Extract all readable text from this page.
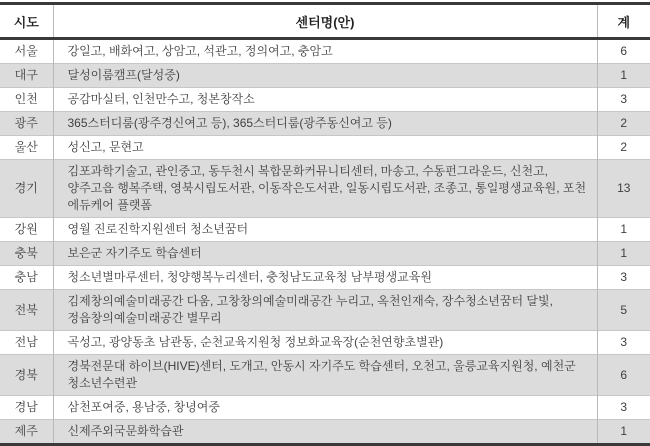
시도	센터명(안)	계
서울	강일고, 배화여고, 상암고, 석관고, 정의여고, 충암고	6
대구	달성이룸캠프(달성중)	1
인천	공감마실터, 인천만수고, 청본창작소	3
광주	365스터디룸(광주경신여고 등), 365스터디룸(광주동신여고 등)	2
울산	성신고, 문현고	2
경기	김포과학기술고, 관인중고, 동두천시 복합문화커뮤니티센터, 마송고, 수동펀그라운드, 신천고, 양주고읍 행복주택, 영북시립도서관, 이동작은도서관, 일동시립도서관, 조종고, 통일평생교육원, 포천 에듀케어 플랫폼	13
강원	영월 진로진학지원센터 청소년꿈터	1
충북	보은군 자기주도 학습센터	1
충남	청소년별마루센터, 청양행복누리센터, 충청남도교육청 남부평생교육원	3
전북	김제창의예술미래공간 다움, 고창창의예술미래공간 누리고, 옥천인재숙, 장수청소년꿈터 달빛, 정읍창의예술미래공간 별무리	5
전남	곡성고, 광양동초 남관동, 순천교육지원청 정보화교육장(순천연향초별관)	3
경북	경북전문대 하이브(HIVE)센터, 도개고, 안동시 자기주도 학습센터, 오천고, 울릉교육지원청, 예천군 청소년수련관	6
경남	삼천포여중, 용남중, 창녕여중	3
제주	신제주외국문화학습관	1
